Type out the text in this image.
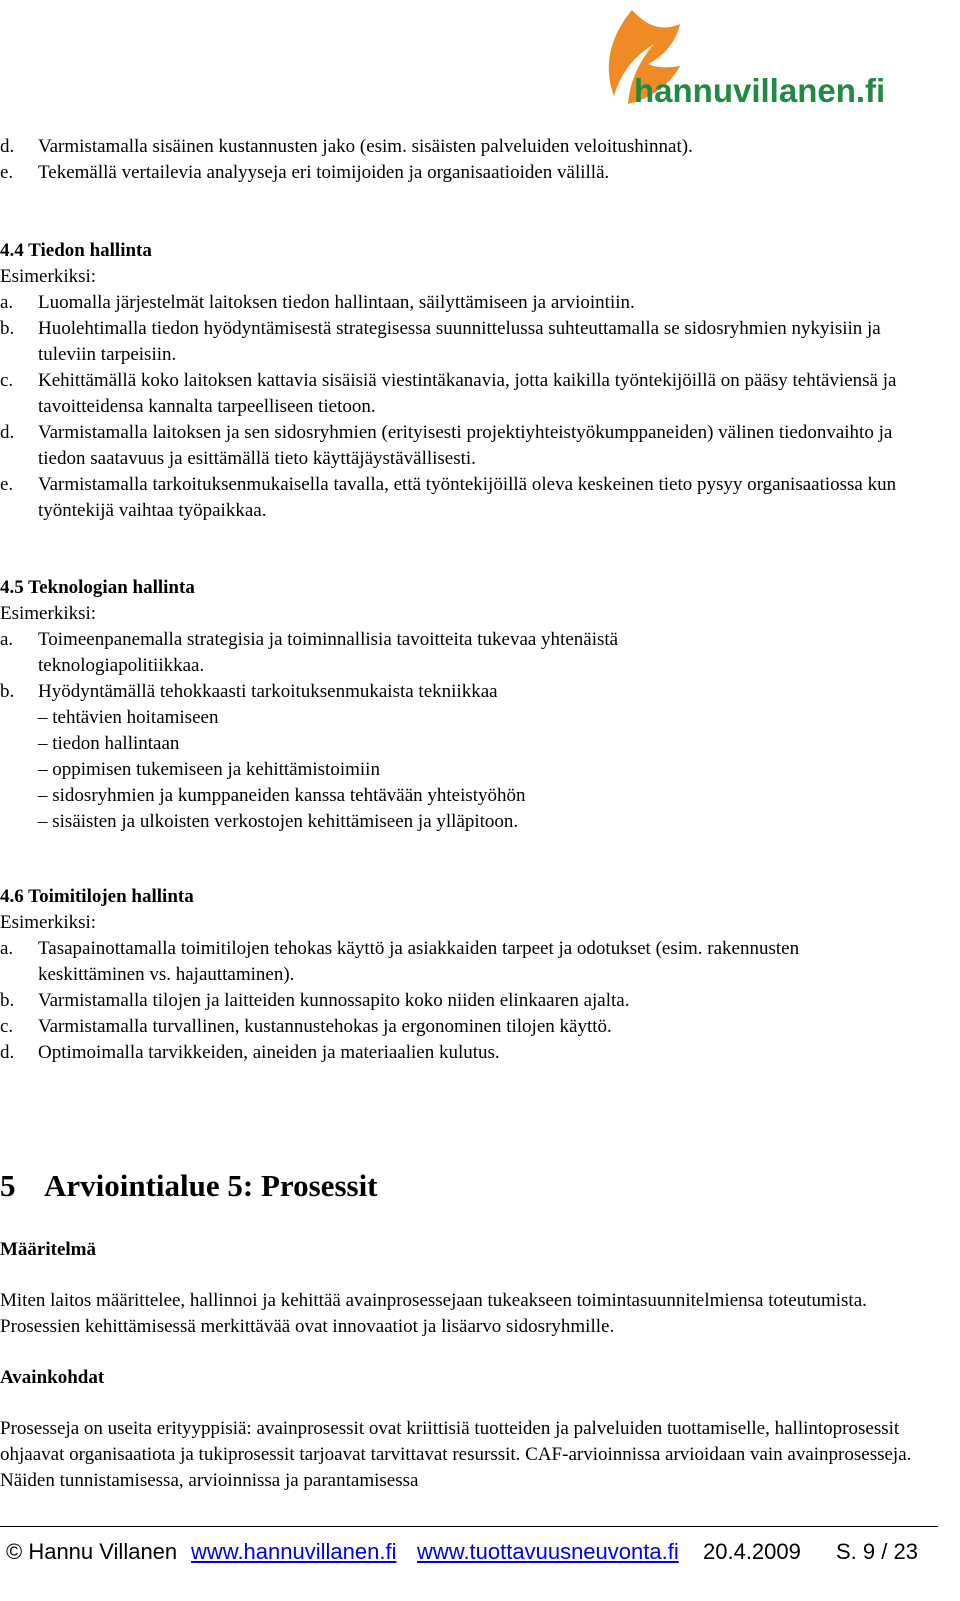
hannuvillanen.fi
d. Varmistamalla sisäinen kustannusten jako (esim. sisäisten palveluiden veloitushinnat).
e. Tekemällä vertailevia analyyseja eri toimijoiden ja organisaatioiden välillä.
4.4 Tiedon hallinta
Esimerkiksi:
a. Luomalla järjestelmät laitoksen tiedon hallintaan, säilyttämiseen ja arviointiin.
b. Huolehtimalla tiedon hyödyntämisestä strategisessa suunnittelussa suhteuttamalla se sidosryhmien nykyisiin ja tuleviin tarpeisiin.
c. Kehittämällä koko laitoksen kattavia sisäisiä viestintäkanavia, jotta kaikilla työntekijöillä on pääsy tehtäviensä ja tavoitteidensa kannalta tarpeelliseen tietoon.
d. Varmistamalla laitoksen ja sen sidosryhmien (erityisesti projektiyhteistyökumppaneiden) välinen tiedonvaihto ja tiedon saatavuus ja esittämällä tieto käyttäjäystävällisesti.
e. Varmistamalla tarkoituksenmukaisella tavalla, että työntekijöillä oleva keskeinen tieto pysyy organisaatiossa kun työntekijä vaihtaa työpaikkaa.
4.5 Teknologian hallinta
Esimerkiksi:
a. Toimeenpanemalla strategisia ja toiminnallisia tavoitteita tukevaa yhtenäistä teknologiapolitiikkaa.
b. Hyödyntämällä tehokkaasti tarkoituksenmukaista tekniikkaa
– tehtävien hoitamiseen
– tiedon hallintaan
– oppimisen tukemiseen ja kehittämistoimiin
– sidosryhmien ja kumppaneiden kanssa tehtävään yhteistyöhön
– sisäisten ja ulkoisten verkostojen kehittämiseen ja ylläpitoon.
4.6 Toimitilojen hallinta
Esimerkiksi:
a. Tasapainottamalla toimitilojen tehokas käyttö ja asiakkaiden tarpeet ja odotukset (esim. rakennusten keskittäminen vs. hajauttaminen).
b. Varmistamalla tilojen ja laitteiden kunnossapito koko niiden elinkaaren ajalta.
c. Varmistamalla turvallinen, kustannustehokas ja ergonominen tilojen käyttö.
d. Optimoimalla tarvikkeiden, aineiden ja materiaalien kulutus.
5 Arviointialue 5: Prosessit
Määritelmä
Miten laitos määrittelee, hallinnoi ja kehittää avainprosessejaan tukeakseen toimintasuunnitelmiensa toteutumista. Prosessien kehittämisessä merkittävää ovat innovaatiot ja lisäarvo sidosryhmille.
Avainkohdat
Prosesseja on useita erityyppisiä: avainprosessit ovat kriittisiä tuotteiden ja palveluiden tuottamiselle, hallintoprosessit ohjaavat organisaatiota ja tukiprosessit tarjoavat tarvittavat resurssit. CAF-arvioinnissa arvioidaan vain avainprosesseja. Näiden tunnistamisessa, arvioinnissa ja parantamisessa
© Hannu Villanen www.hannuvillanen.fi www.tuottavuusneuvonta.fi 20.4.2009 S. 9 / 23
